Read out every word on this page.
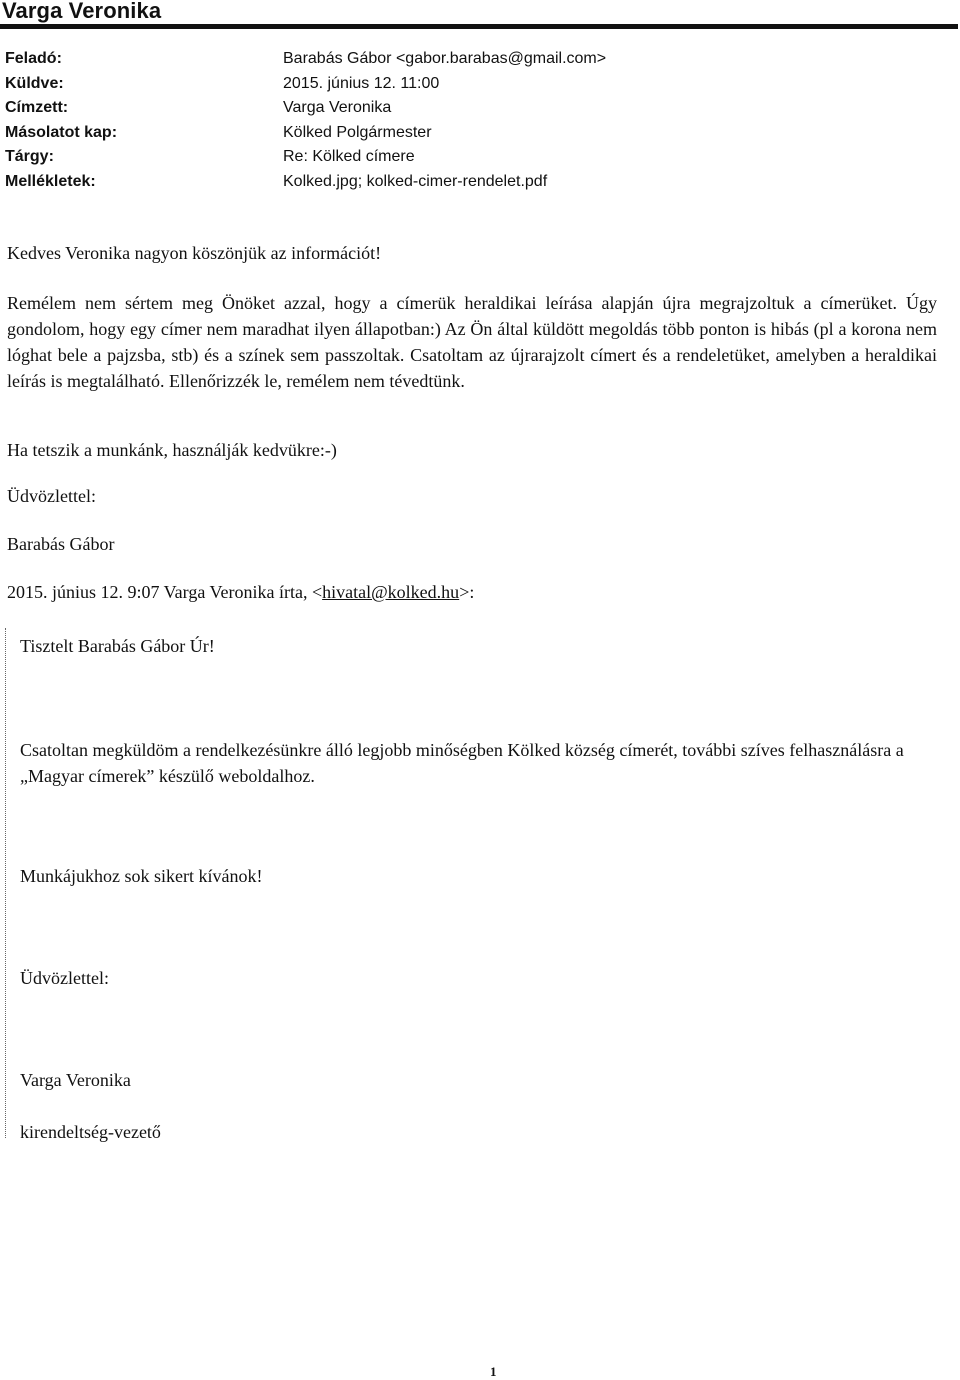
Varga Veronika
Feladó:	Barabás Gábor <gabor.barabas@gmail.com>
Küldve:	2015. június 12. 11:00
Címzett:	Varga Veronika
Másolatot kap:	Kölked Polgármester
Tárgy:	Re: Kölked címere
Mellékletek:	Kolked.jpg; kolked-cimer-rendelet.pdf
Kedves Veronika nagyon köszönjük az információt!
Remélem nem sértem meg Önöket azzal, hogy a címerük heraldikai leírása alapján újra megrajzoltuk a címerüket. Úgy gondolom, hogy egy címer nem maradhat ilyen állapotban:) Az Ön által küldött megoldás több ponton is hibás (pl a korona nem lóghat bele a pajzsba, stb) és a színek sem passzoltak. Csatoltam az újrarajzolt címert és a rendeletüket, amelyben a heraldikai leírás is megtalálható. Ellenőrizzék le, remélem nem tévedtünk.
Ha tetszik a munkánk, használják kedvükre:-)
Üdvözlettel:
Barabás Gábor
2015. június 12. 9:07 Varga Veronika írta, <hivatal@kolked.hu>:
Tisztelt Barabás Gábor Úr!
Csatoltan megküldöm a rendelkezésünkre álló legjobb minőségben Kölked község címerét, további szíves felhasználásra a „Magyar címerek” készülő weboldalhoz.
Munkájukhoz sok sikert kívánok!
Üdvözlettel:
Varga Veronika
kirendeltség-vezető
1
